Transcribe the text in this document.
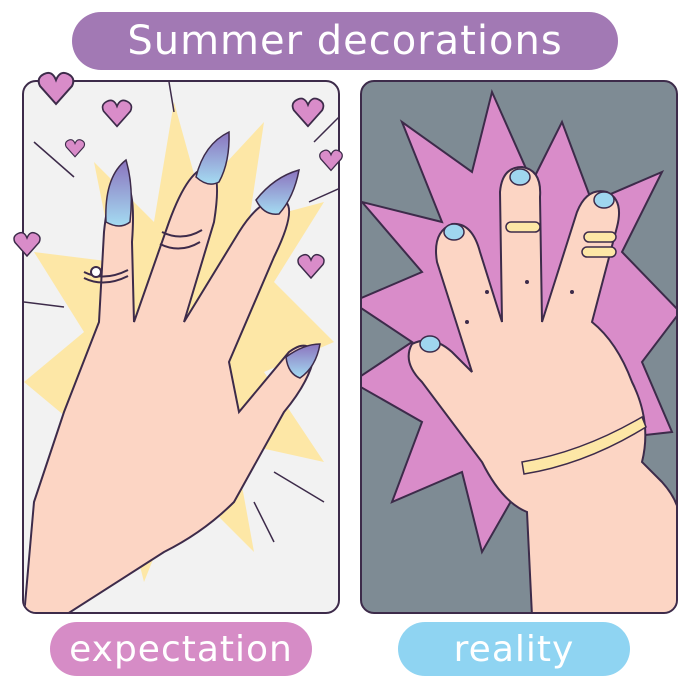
Summer decorations
expectation	reality
